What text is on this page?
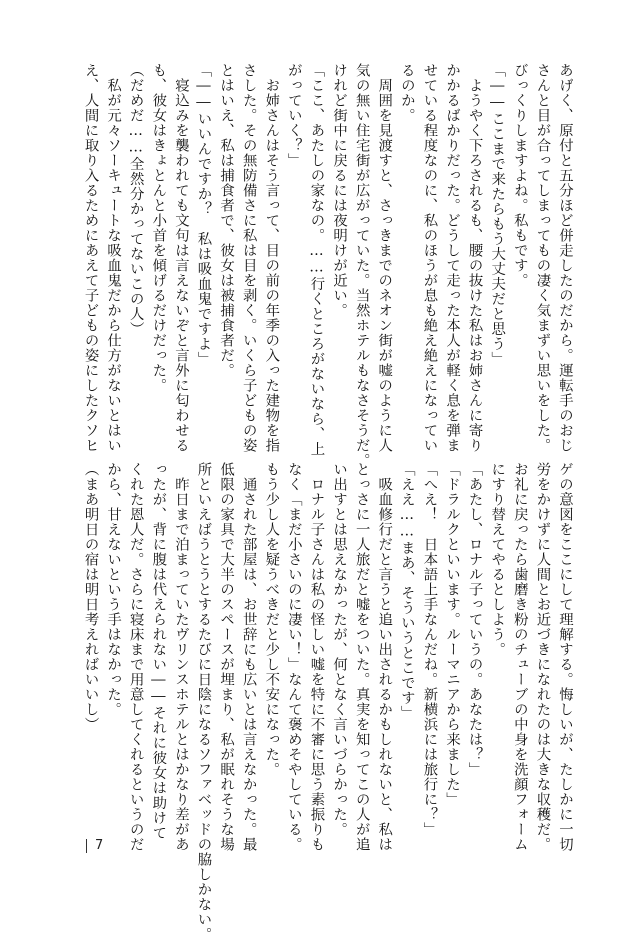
あげく、原付と五分ほど併走したのだから。運転手のおじ
さんと目が合ってしまってもの凄く気まずい思いをした。
びっくりしますよね。私もです。
「――ここまで来たらもう大丈夫だと思う」
　ようやく下ろされるも、腰の抜けた私はお姉さんに寄り
かかるばかりだった。どうして走った本人が軽く息を弾ま
せている程度なのに、私のほうが息も絶え絶えになってい
るのか。
　周囲を見渡すと、さっきまでのネオン街が嘘のように人
気の無い住宅街が広がっていた。当然ホテルもなさそうだ。
けれど街中に戻るには夜明けが近い。
「ここ、あたしの家なの。……行くところがないなら、上
がっていく？」
　お姉さんはそう言って、目の前の年季の入った建物を指
さした。その無防備さに私は目を剥く。いくら子どもの姿
とはいえ、私は捕食者で、彼女は被捕食者だ。
「――いいんですか？　私は吸血鬼ですよ」
　寝込みを襲われても文句は言えないぞと言外に匂わせる
も、彼女はきょとんと小首を傾げるだけだった。
（だめだ……全然分かってないこの人）
　私が元々ソーキュートな吸血鬼だから仕方がないとはい
え、人間に取り入るためにあえて子どもの姿にしたクソヒ
ゲの意図をここにして理解する。悔しいが、たしかに一切
労をかけずに人間とお近づきになれたのは大きな収穫だ。
お礼に戻ったら歯磨き粉のチューブの中身を洗顔フォーム
にすり替えてやるとしよう。
「あたし、ロナル子っていうの。あなたは？」
「ドラルクといいます。ルーマニアから来ました」
「へえ！　日本語上手なんだね。新横浜には旅行に？」
「ええ……まあ、そういうとこです」
　吸血修行だと言うと追い出されるかもしれないと、私は
とっさに一人旅だと嘘をついた。真実を知ってこの人が追
い出すとは思えなかったが、何となく言いづらかった。
　ロナル子さんは私の怪しい嘘を特に不審に思う素振りも
なく「まだ小さいのに凄い！」なんて褒めそやしている。
もう少し人を疑うべきだと少し不安になった。
　通された部屋は、お世辞にも広いとは言えなかった。最
低限の家具で大半のスペースが埋まり、私が眠れそうな場
所といえばうとうとするたびに日陰になるソファベッドの脇しかない。
　昨日まで泊まっていたヴリンスホテルとはかなり差があ
ったが、背に腹は代えられない――それに彼女は助けて
くれた恩人だ。さらに寝床まで用意してくれるというのだ
から、甘えないという手はなかった。
（まあ明日の宿は明日考えればいいし）
7
